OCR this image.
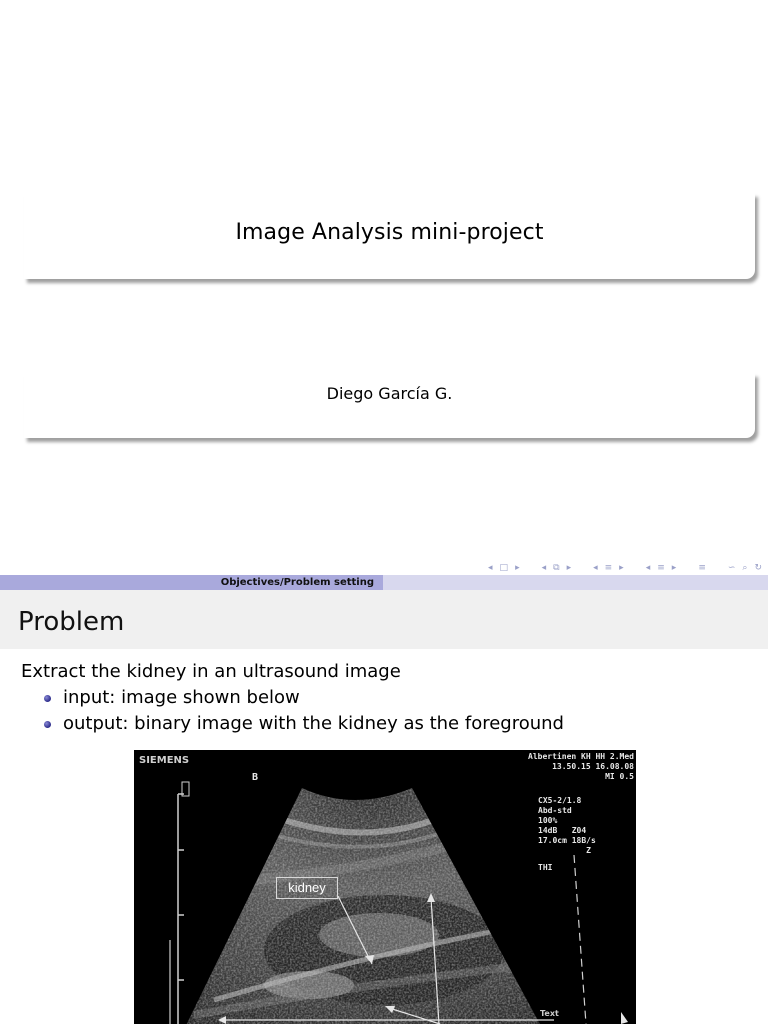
Image Analysis mini-project
Diego García G.
◂ □ ▸ ◂ ⧉ ▸ ◂ ≡ ▸ ◂ ≡ ▸ ≡ ∽ ⌕ ↻
Objectives/Problem setting
Problem
Extract the kidney in an ultrasound image
input: image shown below
output: binary image with the kidney as the foreground
SIEMENS	Albertinen KH HH 2.Med
13.50.15 16.08.08
MI 0.5
CX5-2/1.8
Abd-std
100%
14dB   Z04
17.0cm 18B/s
Z
THI
B
kidney
Text
